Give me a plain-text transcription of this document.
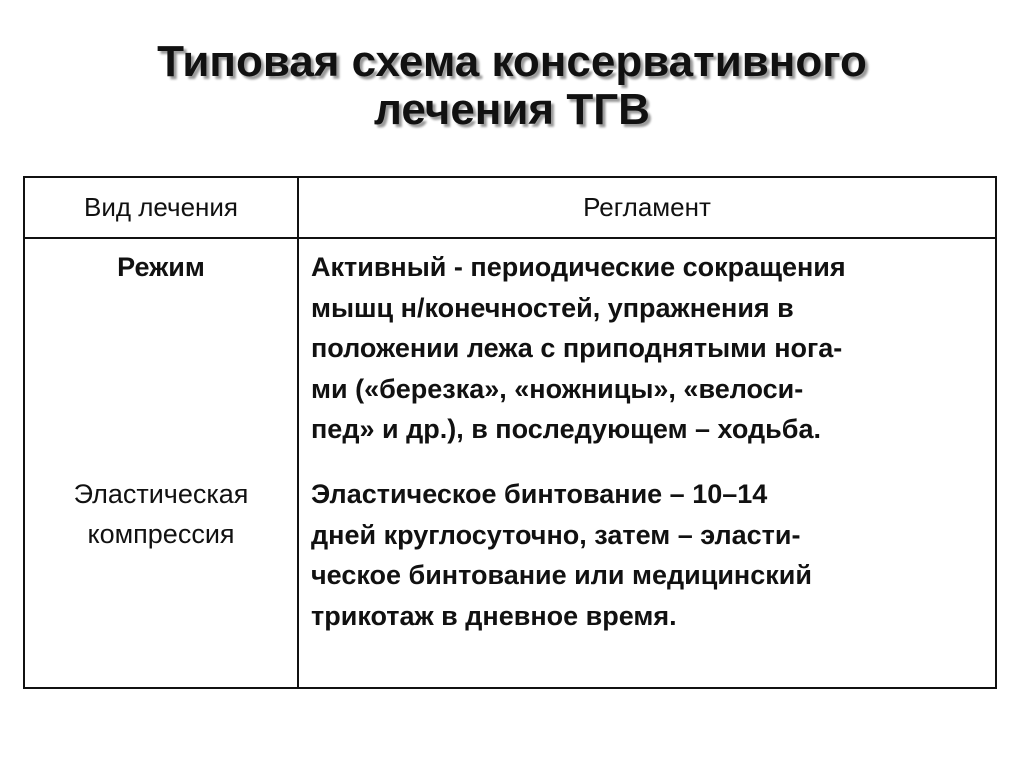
Типовая схема консервативного
лечения ТГВ
Вид лечения	Регламент
Режим	Активный - периодические сокращения
мышц н/конечностей, упражнения в
положении лежа с приподнятыми нога-
ми («березка», «ножницы», «велоси-
пед» и др.), в последующем – ходьба.
Эластическая
компрессия
Эластическое бинтование – 10–14
дней круглосуточно, затем – эласти-
ческое бинтование или медицинский
трикотаж в дневное время.
